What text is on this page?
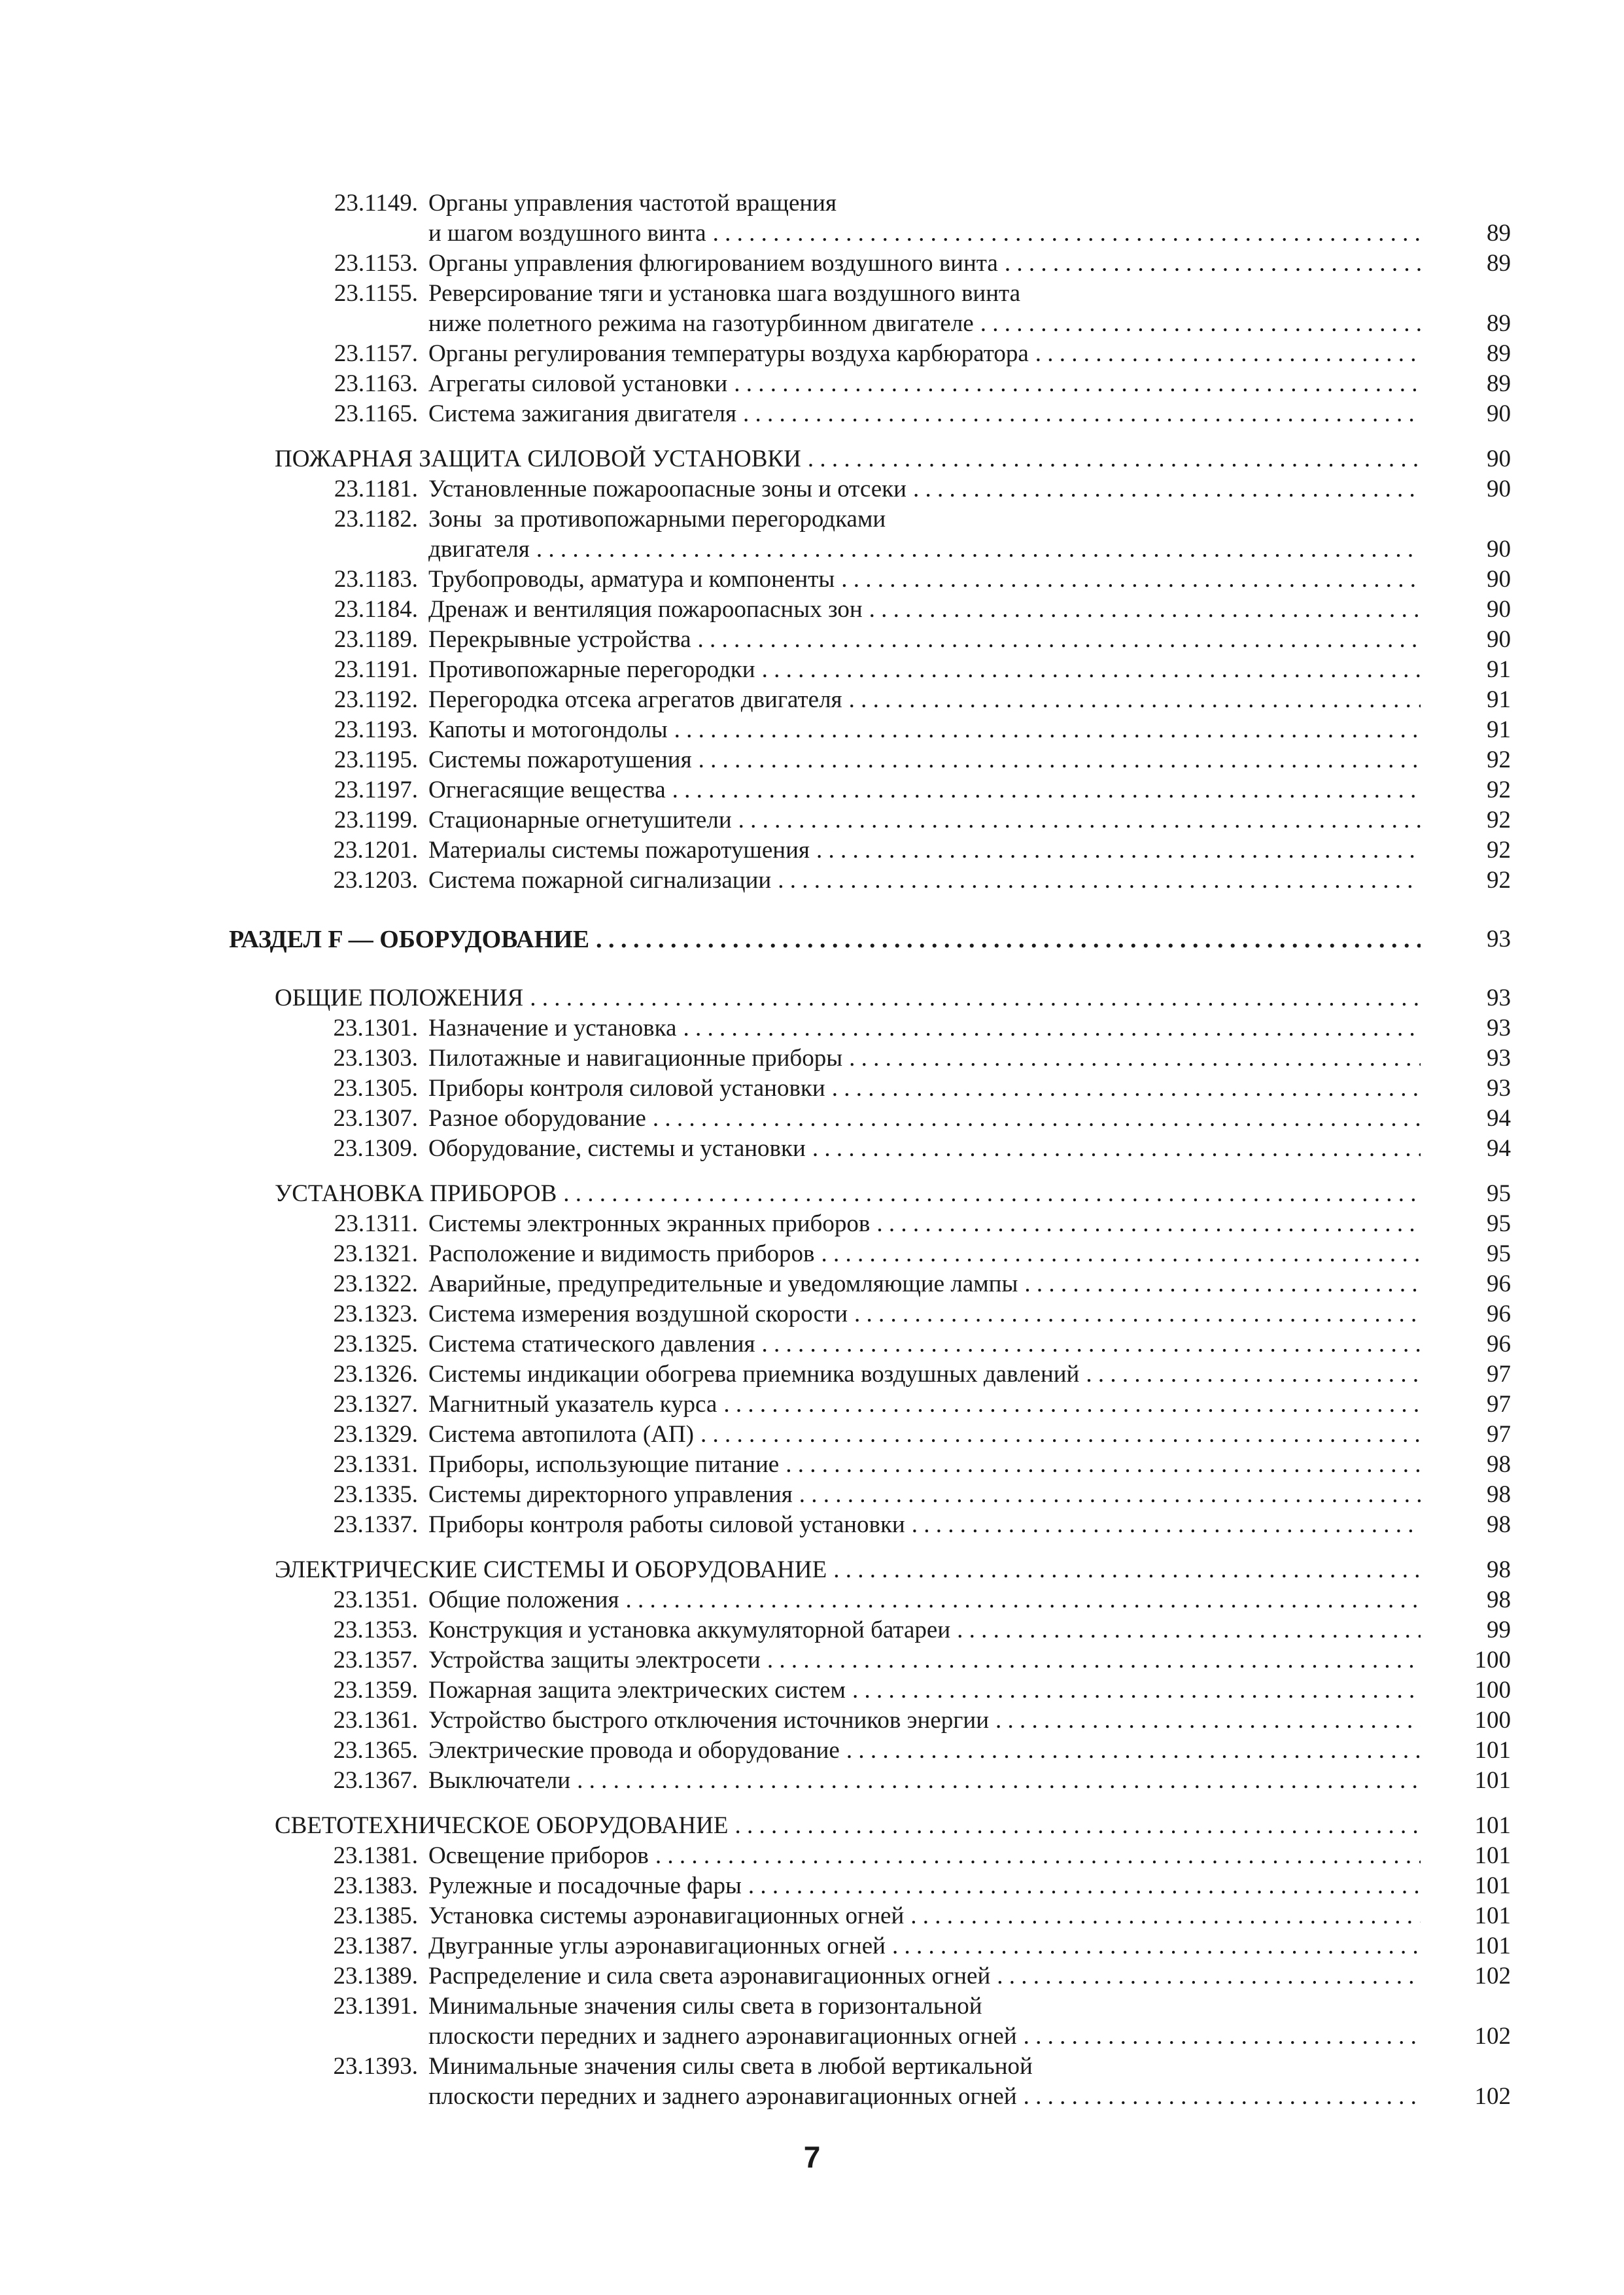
23.1149. Органы управления частотой вращения
и шагом воздушного винта . . .	89
23.1153. Органы управления флюгированием воздушного винта . . .	89
23.1155. Реверсирование тяги и установка шага воздушного винта
ниже полетного режима на газотурбинном двигателе . . .	89
23.1157. Органы регулирования температуры воздуха карбюратора . . .	89
23.1163. Агрегаты силовой установки . . .	89
23.1165. Система зажигания двигателя . . .	90
ПОЖАРНАЯ ЗАЩИТА СИЛОВОЙ УСТАНОВКИ . . .	90
23.1181. Установленные пожароопасные зоны и отсеки . . .	90
23.1182. Зоны  за противопожарными перегородками
двигателя . . .	90
23.1183. Трубопроводы, арматура и компоненты . . .	90
23.1184. Дренаж и вентиляция пожароопасных зон . . .	90
23.1189. Перекрывные устройства . . .	90
23.1191. Противопожарные перегородки . . .	91
23.1192. Перегородка отсека агрегатов двигателя . . .	91
23.1193. Капоты и мотогондолы . . .	91
23.1195. Системы пожаротушения . . .	92
23.1197. Огнегасящие вещества . . .	92
23.1199. Стационарные огнетушители . . .	92
23.1201. Материалы системы пожаротушения . . .	92
23.1203. Система пожарной сигнализации . . .	92
РАЗДЕЛ F — ОБОРУДОВАНИЕ . . .	93
ОБЩИЕ ПОЛОЖЕНИЯ . . .	93
23.1301. Назначение и установка . . .	93
23.1303. Пилотажные и навигационные приборы . . .	93
23.1305. Приборы контроля силовой установки . . .	93
23.1307. Разное оборудование . . .	94
23.1309. Оборудование, системы и установки . . .	94
УСТАНОВКА ПРИБОРОВ . . .	95
23.1311. Системы электронных экранных приборов . . .	95
23.1321. Расположение и видимость приборов . . .	95
23.1322. Аварийные, предупредительные и уведомляющие лампы . . .	96
23.1323. Система измерения воздушной скорости . . .	96
23.1325. Система статического давления . . .	96
23.1326. Системы индикации обогрева приемника воздушных давлений . . .	97
23.1327. Магнитный указатель курса . . .	97
23.1329. Система автопилота (АП) . . .	97
23.1331. Приборы, использующие питание . . .	98
23.1335. Системы директорного управления . . .	98
23.1337. Приборы контроля работы силовой установки . . .	98
ЭЛЕКТРИЧЕСКИЕ СИСТЕМЫ И ОБОРУДОВАНИЕ . . .	98
23.1351. Общие положения . . .	98
23.1353. Конструкция и установка аккумуляторной батареи . . .	99
23.1357. Устройства защиты электросети . . .	100
23.1359. Пожарная защита электрических систем . . .	100
23.1361. Устройство быстрого отключения источников энергии . . .	100
23.1365. Электрические провода и оборудование . . .	101
23.1367. Выключатели . . .	101
СВЕТОТЕХНИЧЕСКОЕ ОБОРУДОВАНИЕ . . .	101
23.1381. Освещение приборов . . .	101
23.1383. Рулежные и посадочные фары . . .	101
23.1385. Установка системы аэронавигационных огней . . .	101
23.1387. Двугранные углы аэронавигационных огней . . .	101
23.1389. Распределение и сила света аэронавигационных огней . . .	102
23.1391. Минимальные значения силы света в горизонтальной
плоскости передних и заднего аэронавигационных огней . . .	102
23.1393. Минимальные значения силы света в любой вертикальной
плоскости передних и заднего аэронавигационных огней . . .	102
7
